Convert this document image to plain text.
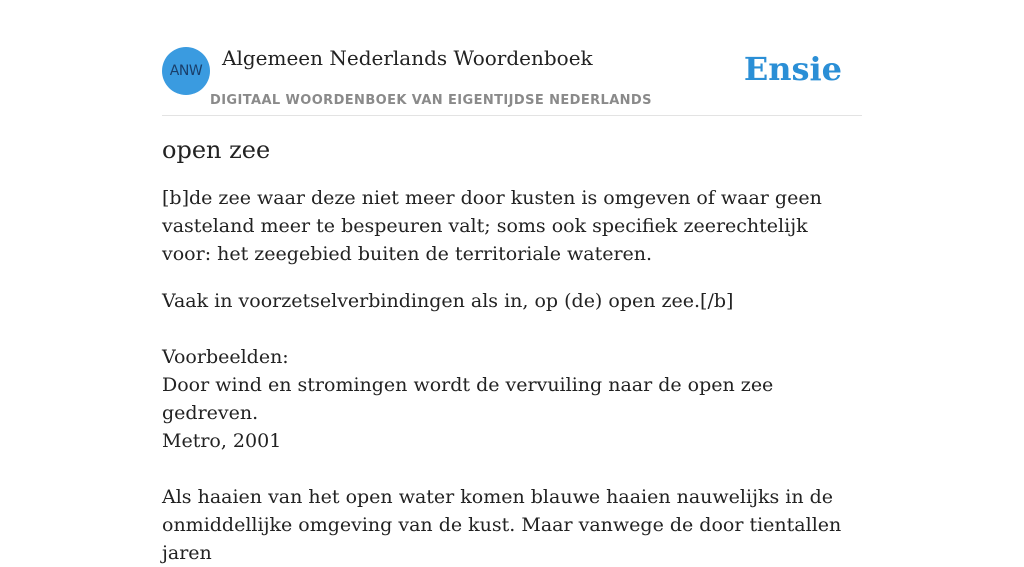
ANW
Algemeen Nederlands Woordenboek
DIGITAAL WOORDENBOEK VAN EIGENTIJDSE NEDERLANDS
Ensie
open zee

[b]de zee waar deze niet meer door kusten is omgeven of waar geen vasteland meer te bespeuren valt; soms ook specifiek zeerechtelijk voor: het zeegebied buiten de territoriale wateren.

Vaak in voorzetselverbindingen als in, op (de) open zee.[/b]
Voorbeelden:
Door wind en stromingen wordt de vervuiling naar de open zee gedreven.
Metro, 2001
Als haaien van het open water komen blauwe haaien nauwelijks in de onmiddellijke omgeving van de kust. Maar vanwege de door tientallen jaren
